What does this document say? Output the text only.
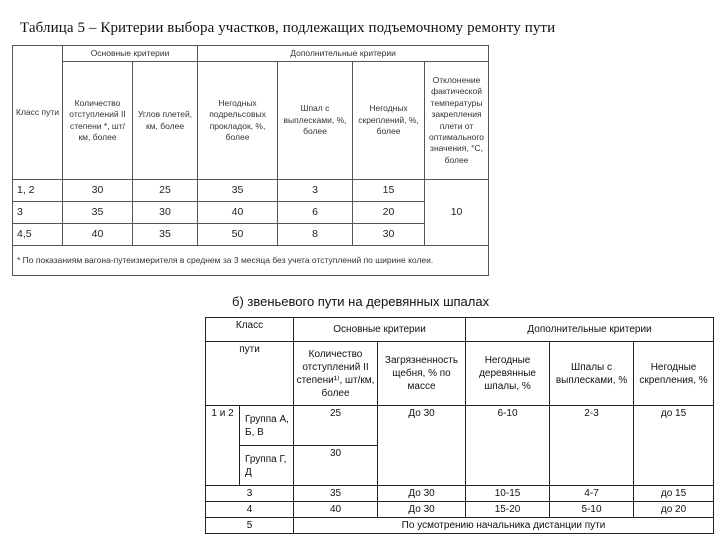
Таблица 5 – Критерии выбора участков, подлежащих подъемочному ремонту пути
Класс пути	Основные критерии		Дополнительные критерии			
	Количество отступлений II степени *, шт/км, более	Углов плетей, км, более	Негодных подрельсовых прокладок, %, более	Шпал с выплесками, %, более	Негодных скреплений, %, более	Отклонение фактической температуры закрепления плети от оптимального значения, °С, более
1, 2	30	25	35	3	15	10
3	35	30	40	6	20	
4,5	40	35	50	8	30	
* По показаниям вагона-путеизмерителя в среднем за 3 месяца без учета отступлений по ширине колеи.						
б) звеньевого пути на деревянных шпалах
Класс		Основные критерии		Дополнительные критерии		
пути		Количество отступлений II степени¹⁾, шт/км, более	Загрязненность щебня, % по массе	Негодные деревянные шпалы, %	Шпалы с выплесками, %	Негодные скрепления, %
1 и 2	Группа А, Б, В	25	До 30	6-10	2-3	до 15
	Группа Г, Д	30				
3		35	До 30	10-15	4-7	до 15
4		40	До 30	15-20	5-10	до 20
5		По усмотрению начальника дистанции пути				
